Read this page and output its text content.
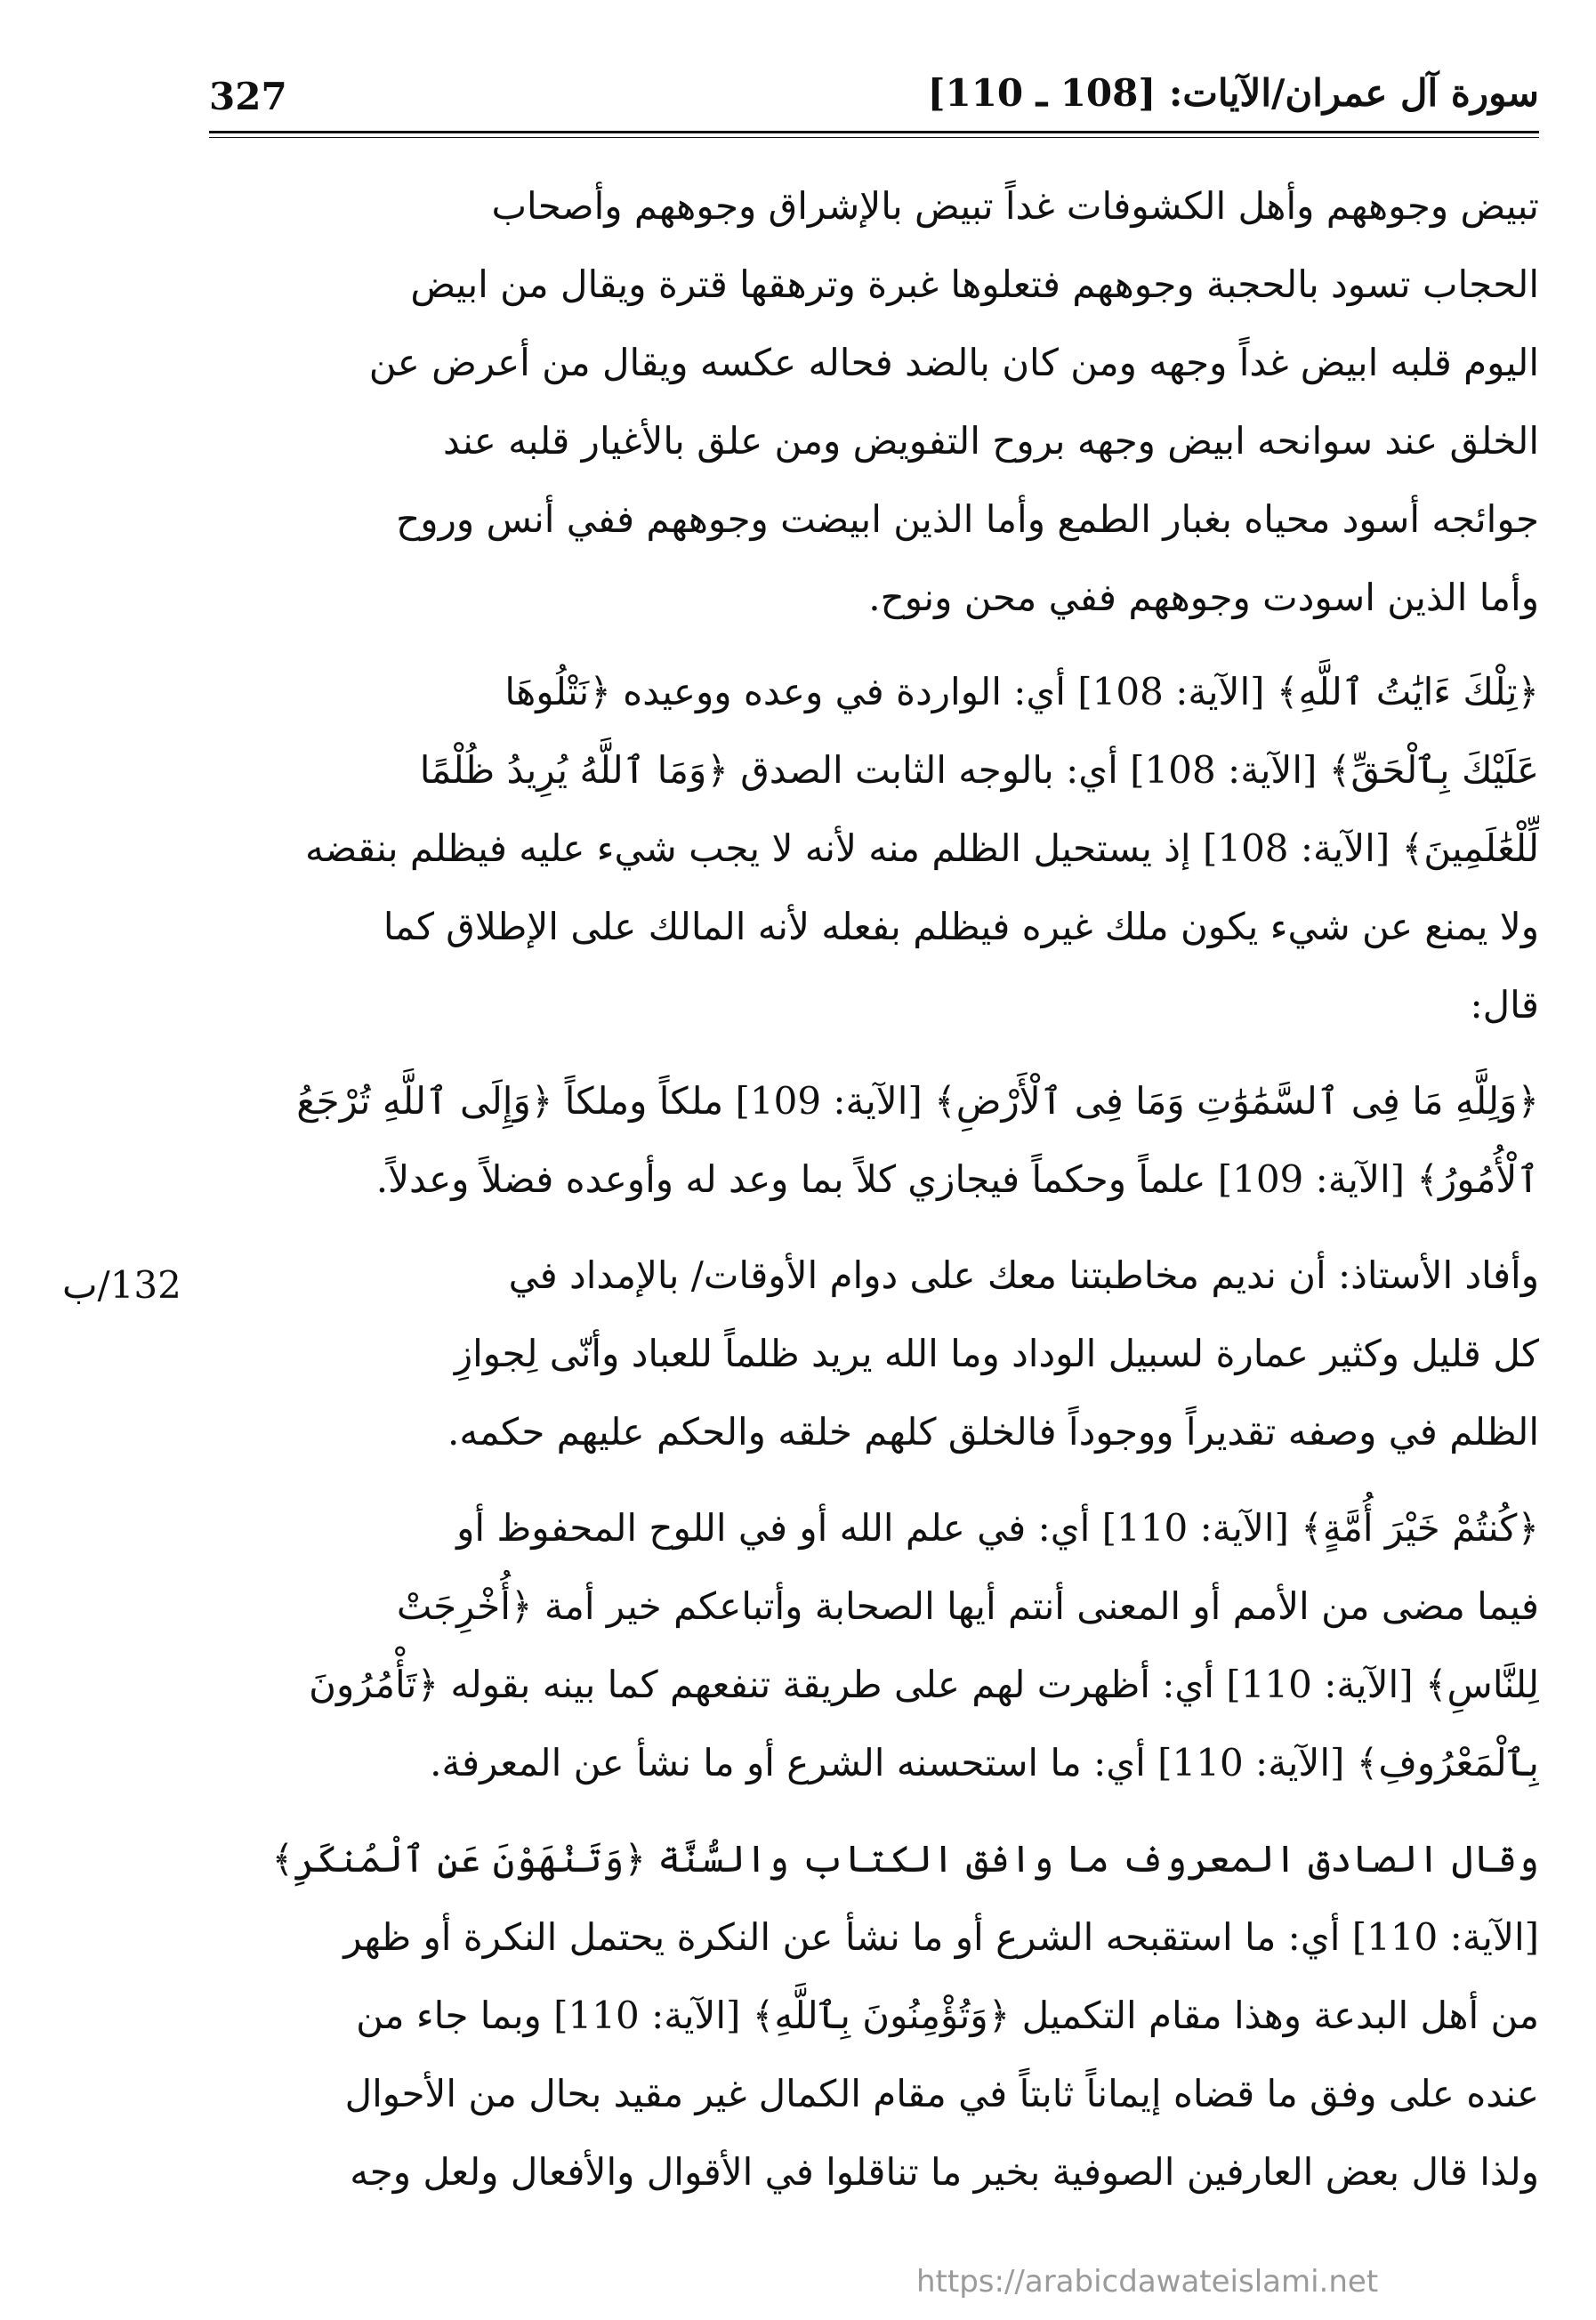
327	سورة آل عمران/الآيات: [108 ـ 110]
132/ب
تبيض وجوههم وأهل الكشوفات غداً تبيض بالإشراق وجوههم وأصحاب
الحجاب تسود بالحجبة وجوههم فتعلوها غبرة وترهقها قترة ويقال من ابيض
اليوم قلبه ابيض غداً وجهه ومن كان بالضد فحاله عكسه ويقال من أعرض عن
الخلق عند سوانحه ابيض وجهه بروح التفويض ومن علق بالأغيار قلبه عند
جوائجه أسود محياه بغبار الطمع وأما الذين ابيضت وجوههم ففي أنس وروح
وأما الذين اسودت وجوههم ففي محن ونوح.
﴿تِلْكَ ءَايَٰتُ ٱللَّهِ﴾ [الآية: 108] أي: الواردة في وعده ووعيده ﴿نَتْلُوهَا
عَلَيْكَ بِٱلْحَقِّ﴾ [الآية: 108] أي: بالوجه الثابت الصدق ﴿وَمَا ٱللَّهُ يُرِيدُ ظُلْمًا
لِّلْعَٰلَمِينَ﴾ [الآية: 108] إذ يستحيل الظلم منه لأنه لا يجب شيء عليه فيظلم بنقضه
ولا يمنع عن شيء يكون ملك غيره فيظلم بفعله لأنه المالك على الإطلاق كما
قال:
﴿وَلِلَّهِ مَا فِى ٱلسَّمَٰوَٰتِ وَمَا فِى ٱلْأَرْضِ﴾ [الآية: 109] ملكاً وملكاً ﴿وَإِلَى ٱللَّهِ تُرْجَعُ
ٱلْأُمُورُ﴾ [الآية: 109] علماً وحكماً فيجازي كلاً بما وعد له وأوعده فضلاً وعدلاً.
وأفاد الأستاذ: أن نديم مخاطبتنا معك على دوام الأوقات/ بالإمداد في
كل قليل وكثير عمارة لسبيل الوداد وما الله يريد ظلماً للعباد وأنّى لِجوازِ
الظلم في وصفه تقديراً ووجوداً فالخلق كلهم خلقه والحكم عليهم حكمه.
﴿كُنتُمْ خَيْرَ أُمَّةٍ﴾ [الآية: 110] أي: في علم الله أو في اللوح المحفوظ أو
فيما مضى من الأمم أو المعنى أنتم أيها الصحابة وأتباعكم خير أمة ﴿أُخْرِجَتْ
لِلنَّاسِ﴾ [الآية: 110] أي: أظهرت لهم على طريقة تنفعهم كما بينه بقوله ﴿تَأْمُرُونَ
بِٱلْمَعْرُوفِ﴾ [الآية: 110] أي: ما استحسنه الشرع أو ما نشأ عن المعرفة.
وقال الصادق المعروف ما وافق الكتاب والسُّنَّة ﴿وَتَنْهَوْنَ عَنِ ٱلْمُنكَرِ﴾
[الآية: 110] أي: ما استقبحه الشرع أو ما نشأ عن النكرة يحتمل النكرة أو ظهر
من أهل البدعة وهذا مقام التكميل ﴿وَتُؤْمِنُونَ بِٱللَّهِ﴾ [الآية: 110] وبما جاء من
عنده على وفق ما قضاه إيماناً ثابتاً في مقام الكمال غير مقيد بحال من الأحوال
ولذا قال بعض العارفين الصوفية بخير ما تناقلوا في الأقوال والأفعال ولعل وجه
https://arabicdawateislami.net
